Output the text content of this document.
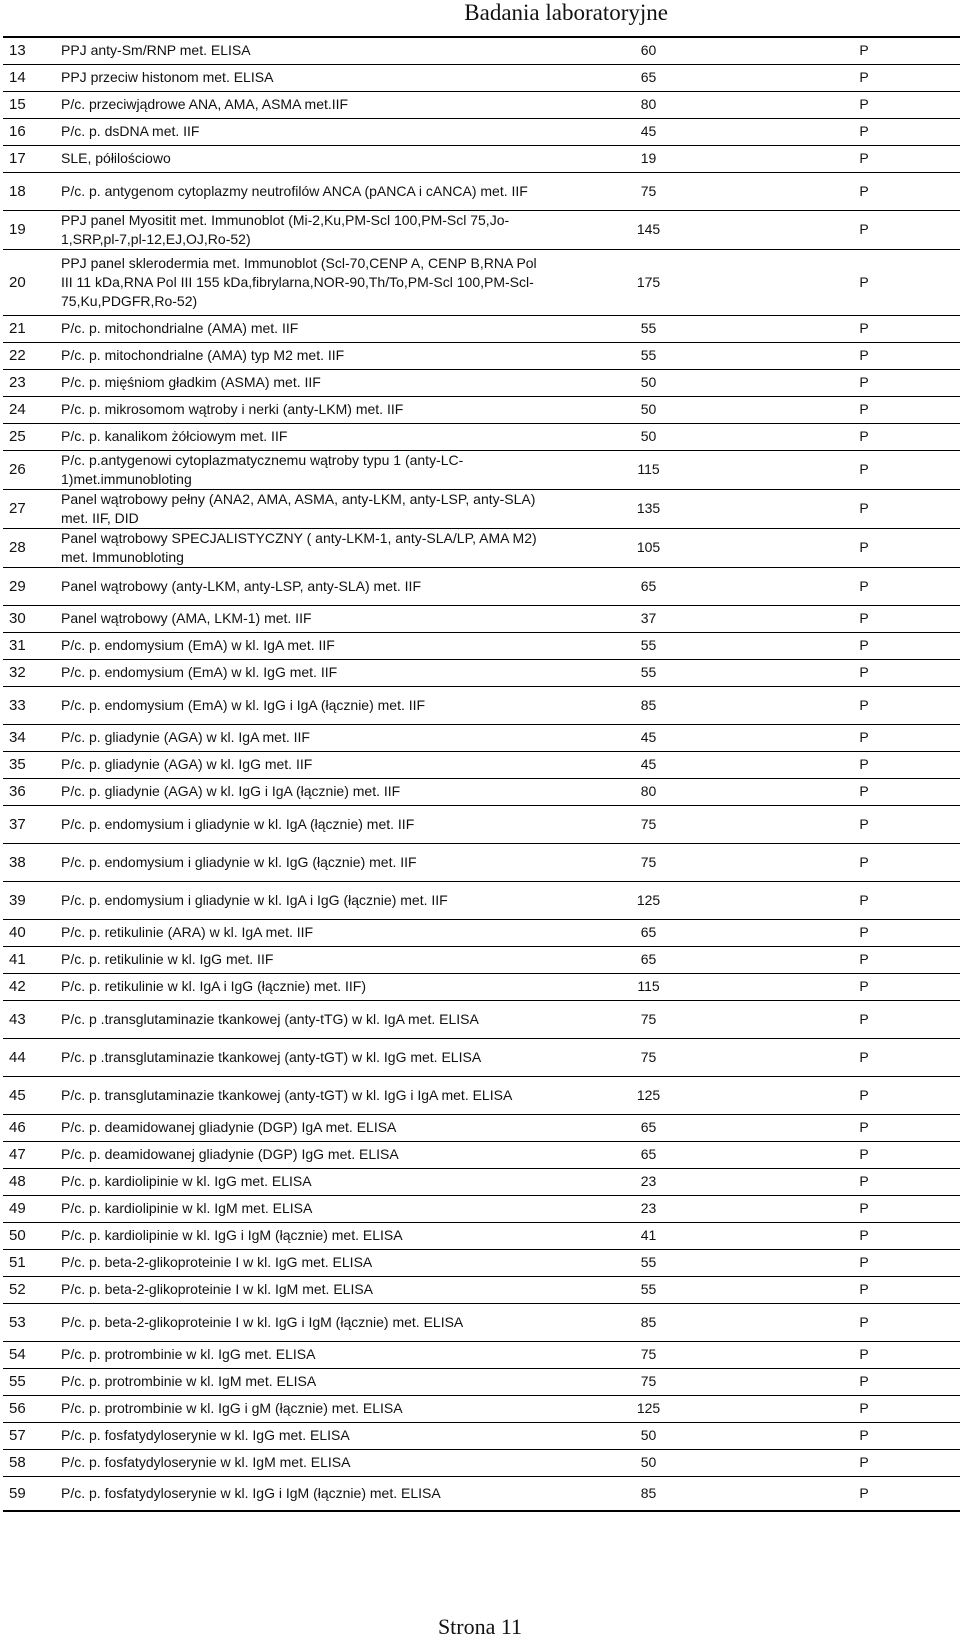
Badania laboratoryjne
13	PPJ anty-Sm/RNP met. ELISA	60	P
14	PPJ przeciw histonom met. ELISA	65	P
15	P/c. przeciwjądrowe ANA, AMA, ASMA met.IIF	80	P
16	P/c. p. dsDNA met. IIF	45	P
17	SLE, półilościowo	19	P
18	P/c. p. antygenom cytoplazmy neutrofilów ANCA (pANCA i cANCA) met. IIF	75	P
19	PPJ panel Myositit met. Immunoblot (Mi-2,Ku,PM-Scl 100,PM-Scl 75,Jo-1,SRP,pl-7,pl-12,EJ,OJ,Ro-52)	145	P
20	PPJ panel sklerodermia met. Immunoblot (Scl-70,CENP A, CENP B,RNA Pol III 11 kDa,RNA Pol III 155 kDa,fibrylarna,NOR-90,Th/To,PM-Scl 100,PM-Scl-75,Ku,PDGFR,Ro-52)	175	P
21	P/c. p. mitochondrialne (AMA) met. IIF	55	P
22	P/c. p. mitochondrialne (AMA) typ M2 met. IIF	55	P
23	P/c. p. mięśniom gładkim (ASMA) met. IIF	50	P
24	P/c. p. mikrosomom wątroby i nerki (anty-LKM) met. IIF	50	P
25	P/c. p. kanalikom żółciowym met. IIF	50	P
26	P/c. p.antygenowi cytoplazmatycznemu wątroby typu 1 (anty-LC-1)met.immunobloting	115	P
27	Panel wątrobowy pełny (ANA2, AMA, ASMA, anty-LKM, anty-LSP, anty-SLA) met. IIF, DID	135	P
28	Panel wątrobowy SPECJALISTYCZNY ( anty-LKM-1, anty-SLA/LP, AMA M2) met. Immunobloting	105	P
29	Panel wątrobowy (anty-LKM, anty-LSP, anty-SLA) met. IIF	65	P
30	Panel wątrobowy (AMA, LKM-1) met. IIF	37	P
31	P/c. p. endomysium (EmA) w kl. IgA met. IIF	55	P
32	P/c. p. endomysium (EmA) w kl. IgG met. IIF	55	P
33	P/c. p. endomysium (EmA) w kl. IgG i IgA (łącznie) met. IIF	85	P
34	P/c. p. gliadynie (AGA) w kl. IgA met. IIF	45	P
35	P/c. p. gliadynie (AGA) w kl. IgG met. IIF	45	P
36	P/c. p. gliadynie (AGA) w kl. IgG i IgA (łącznie) met. IIF	80	P
37	P/c. p. endomysium i gliadynie w kl. IgA (łącznie) met. IIF	75	P
38	P/c. p. endomysium i gliadynie w kl. IgG (łącznie) met. IIF	75	P
39	P/c. p. endomysium i gliadynie w kl. IgA i IgG (łącznie) met. IIF	125	P
40	P/c. p. retikulinie (ARA) w kl. IgA met. IIF	65	P
41	P/c. p. retikulinie w kl. IgG met. IIF	65	P
42	P/c. p. retikulinie w kl. IgA i IgG (łącznie) met. IIF)	115	P
43	P/c. p .transglutaminazie tkankowej (anty-tTG) w kl. IgA met. ELISA	75	P
44	P/c. p .transglutaminazie tkankowej (anty-tGT) w kl. IgG met. ELISA	75	P
45	P/c. p. transglutaminazie tkankowej (anty-tGT) w kl. IgG i IgA met. ELISA	125	P
46	P/c. p. deamidowanej gliadynie (DGP) IgA met. ELISA	65	P
47	P/c. p. deamidowanej gliadynie (DGP) IgG met. ELISA	65	P
48	P/c. p. kardiolipinie w kl. IgG met. ELISA	23	P
49	P/c. p. kardiolipinie w kl. IgM met. ELISA	23	P
50	P/c. p. kardiolipinie w kl. IgG i IgM (łącznie) met. ELISA	41	P
51	P/c. p. beta-2-glikoproteinie I w kl. IgG met. ELISA	55	P
52	P/c. p. beta-2-glikoproteinie I w kl. IgM met. ELISA	55	P
53	P/c. p. beta-2-glikoproteinie I w kl. IgG i IgM (łącznie) met. ELISA	85	P
54	P/c. p. protrombinie w kl. IgG met. ELISA	75	P
55	P/c. p. protrombinie w kl. IgM met. ELISA	75	P
56	P/c. p. protrombinie w kl. IgG i gM (łącznie) met. ELISA	125	P
57	P/c. p. fosfatydyloserynie w kl. IgG met. ELISA	50	P
58	P/c. p. fosfatydyloserynie w kl. IgM met. ELISA	50	P
59	P/c. p. fosfatydyloserynie w kl. IgG i IgM (łącznie) met. ELISA	85	P
Strona 11
